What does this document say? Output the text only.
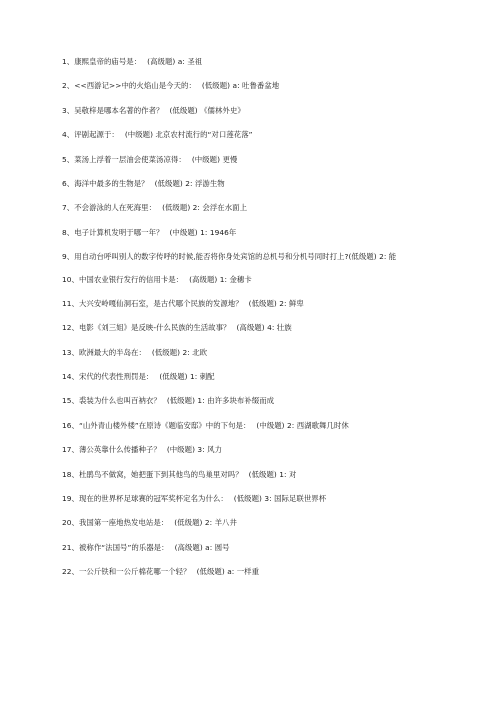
1、康熙皇帝的庙号是： (高级题) a: 圣祖
2、<<西游记>>中的火焰山是今天的： (低级题) a: 吐鲁番盆地
3、吴敬梓是哪本名著的作者？ (低级题) 《儒林外史》
4、评剧起源于： (中级题) 北京农村流行的“对口莲花落”
5、菜汤上浮着一层油会使菜汤凉得： (中级题) 更慢
6、海洋中最多的生物是？ (低级题) 2: 浮游生物
7、不会游泳的人在死海里： (低级题) 2: 会浮在水面上
8、电子计算机发明于哪一年？ (中级题) 1: 1946年
9、用自动台呼叫别人的数字传呼的时候,能否将你身处宾馆的总机号和分机号同时打上?(低级题) 2: 能
10、中国农业银行发行的信用卡是： (高级题) 1: 金穗卡
11、大兴安岭嘎仙洞石室，是古代哪个民族的发源地？ (低级题) 2: 鲜卑
12、电影《刘三姐》是反映-什么民族的生活故事？ (高级题) 4: 壮族
13、欧洲最大的半岛在： (低级题) 2: 北欧
14、宋代的代表性刑罚是： (低级题) 1: 刺配
15、裘装为什么也叫百衲衣？ (低级题) 1: 由许多块布补缀而成
16、“山外青山楼外楼”在原诗《题临安邸》中的下句是： (中级题) 2: 西湖歌舞几时休
17、薄公英靠什么传播种子？ (中级题) 3: 风力
18、杜鹃鸟不做窝，她把蛋下到其他鸟的鸟巢里对吗？ (低级题) 1: 对
19、现在的世界杯足球赛的冠军奖杯定名为什么： (低级题) 3: 国际足联世界杯
20、我国第一座地热发电站是： (低级题) 2: 羊八井
21、被称作“法国号”的乐器是： (高级题) a: 圆号
22、一公斤铁和一公斤棉花哪一个轻？ (低级题) a: 一样重
